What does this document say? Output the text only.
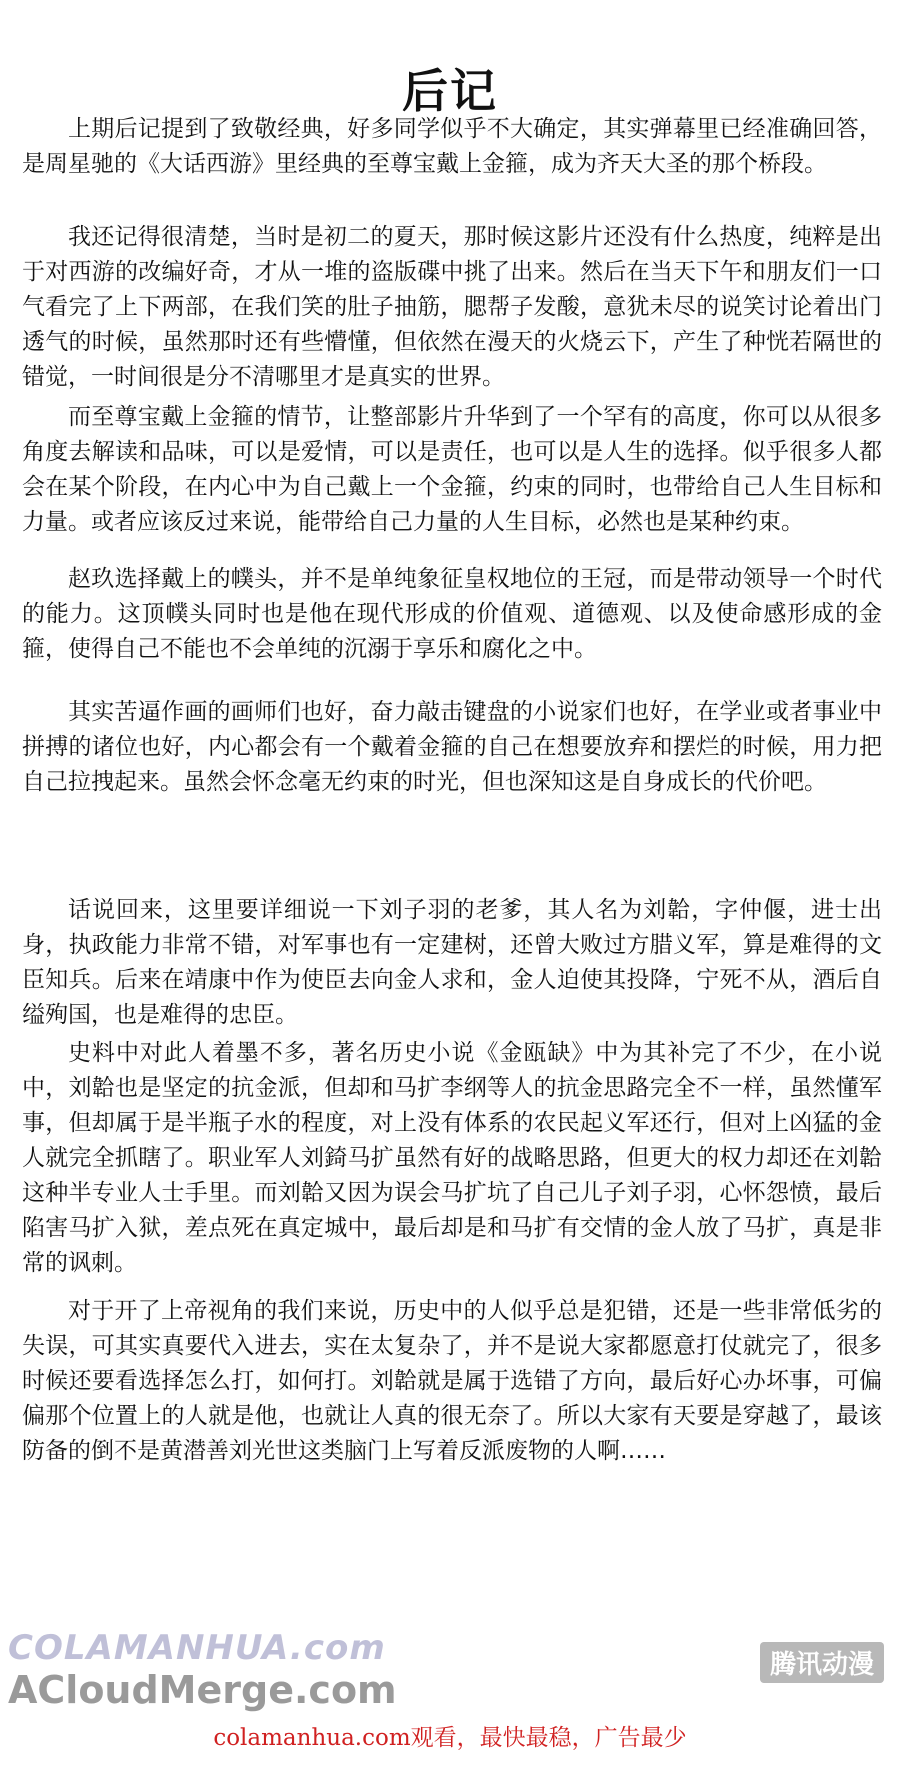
后记

上期后记提到了致敬经典，好多同学似乎不大确定，其实弹幕里已经准确回答，是周星驰的《大话西游》里经典的至尊宝戴上金箍，成为齐天大圣的那个桥段。

我还记得很清楚，当时是初二的夏天，那时候这影片还没有什么热度，纯粹是出于对西游的改编好奇，才从一堆的盗版碟中挑了出来。然后在当天下午和朋友们一口气看完了上下两部，在我们笑的肚子抽筋，腮帮子发酸，意犹未尽的说笑讨论着出门透气的时候，虽然那时还有些懵懂，但依然在漫天的火烧云下，产生了种恍若隔世的错觉，一时间很是分不清哪里才是真实的世界。

而至尊宝戴上金箍的情节，让整部影片升华到了一个罕有的高度，你可以从很多角度去解读和品味，可以是爱情，可以是责任，也可以是人生的选择。似乎很多人都会在某个阶段，在内心中为自己戴上一个金箍，约束的同时，也带给自己人生目标和力量。或者应该反过来说，能带给自己力量的人生目标，必然也是某种约束。

赵玖选择戴上的幞头，并不是单纯象征皇权地位的王冠，而是带动领导一个时代的能力。这顶幞头同时也是他在现代形成的价值观、道德观、以及使命感形成的金箍，使得自己不能也不会单纯的沉溺于享乐和腐化之中。

其实苦逼作画的画师们也好，奋力敲击键盘的小说家们也好，在学业或者事业中拼搏的诸位也好，内心都会有一个戴着金箍的自己在想要放弃和摆烂的时候，用力把自己拉拽起来。虽然会怀念毫无约束的时光，但也深知这是自身成长的代价吧。

话说回来，这里要详细说一下刘子羽的老爹，其人名为刘韐，字仲偃，进士出身，执政能力非常不错，对军事也有一定建树，还曾大败过方腊义军，算是难得的文臣知兵。后来在靖康中作为使臣去向金人求和，金人迫使其投降，宁死不从，酒后自缢殉国，也是难得的忠臣。

史料中对此人着墨不多，著名历史小说《金瓯缺》中为其补完了不少，在小说中，刘韐也是坚定的抗金派，但却和马扩李纲等人的抗金思路完全不一样，虽然懂军事，但却属于是半瓶子水的程度，对上没有体系的农民起义军还行，但对上凶猛的金人就完全抓瞎了。职业军人刘錡马扩虽然有好的战略思路，但更大的权力却还在刘韐这种半专业人士手里。而刘韐又因为误会马扩坑了自己儿子刘子羽，心怀怨愤，最后陷害马扩入狱，差点死在真定城中，最后却是和马扩有交情的金人放了马扩，真是非常的讽刺。

对于开了上帝视角的我们来说，历史中的人似乎总是犯错，还是一些非常低劣的失误，可其实真要代入进去，实在太复杂了，并不是说大家都愿意打仗就完了，很多时候还要看选择怎么打，如何打。刘韐就是属于选错了方向，最后好心办坏事，可偏偏那个位置上的人就是他，也就让人真的很无奈了。所以大家有天要是穿越了，最该防备的倒不是黄潜善刘光世这类脑门上写着反派废物的人啊……

COLAMANHUA.com
ACloudMerge.com
腾讯动漫
colamanhua.com观看，最快最稳，广告最少
